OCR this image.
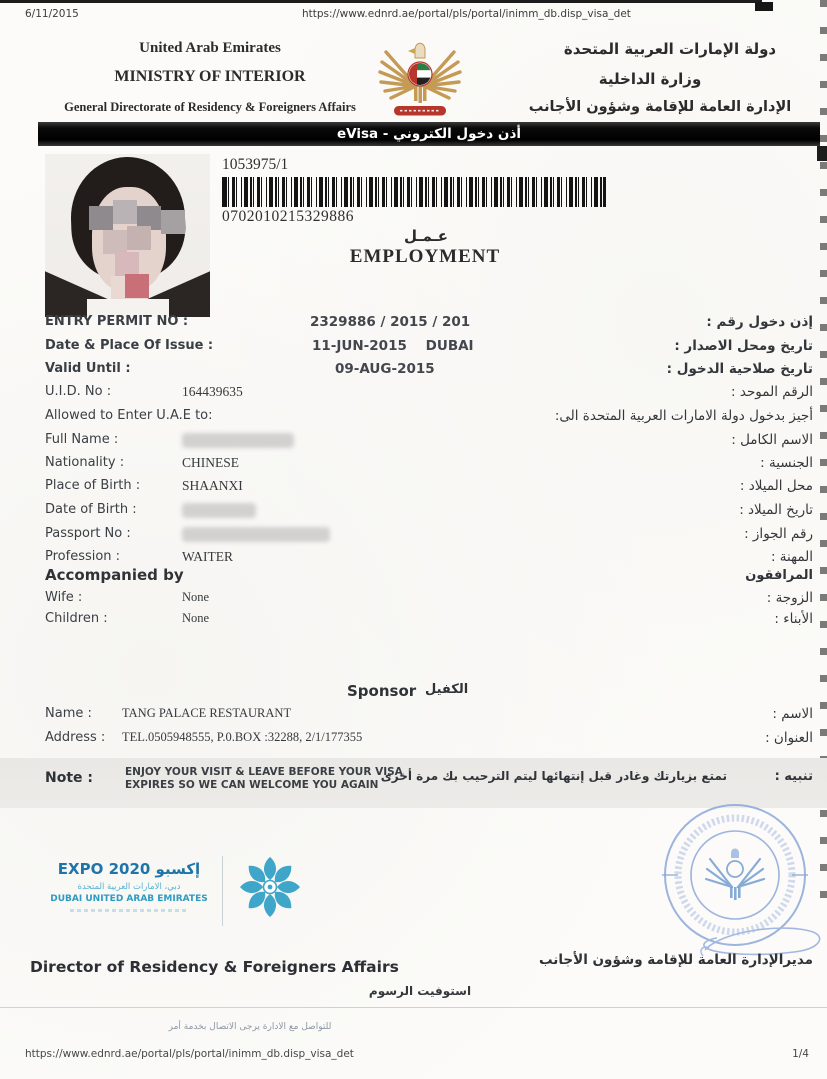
6/11/2015	https://www.ednrd.ae/portal/pls/portal/inimm_db.disp_visa_det
United Arab Emirates
MINISTRY OF INTERIOR
General Directorate of Residency & Foreigners Affairs
دولة الإمارات العربية المتحدة
وزارة الداخلية
الإدارة العامة للإقامة وشؤون الأجانب
eVisa - أذن دخول الكتروني
1053975/1
0702010215329886
عـمـل
EMPLOYMENT
ENTRY PERMIT NO :	2329886 / 2015 / 201	إذن دخول رقم :
Date & Place Of Issue :	11-JUN-2015    DUBAI	تاريخ ومحل الاصدار :
Valid Until :	09-AUG-2015	تاريخ صلاحية الدخول :
U.I.D. No :	164439635	الرقم الموحد :
Allowed to Enter U.A.E to:	أجيز بدخول دولة الامارات العربية المتحدة الى:
Full Name :	الاسم الكامل :
Nationality :	CHINESE	الجنسية :
Place of Birth :	SHAANXI	محل الميلاد :
Date of Birth :	تاريخ الميلاد :
Passport No :	رقم الجواز :
Profession :	WAITER	المهنة :
Accompanied by	المرافقون
Wife :	None	الزوجة :
Children :	None	الأبناء :
Sponsor الكفيل
Name : TANG PALACE RESTAURANT	الاسم :
Address : TEL.0505948555, P.0.BOX :32288, 2/1/177355	العنوان :
Note :	ENJOY YOUR VISIT & LEAVE BEFORE YOUR VISA
EXPIRES SO WE CAN WELCOME YOU AGAIN
تمتع بزيارتك وغادر قبل إنتهائها ليتم الترحيب بك مرة أخرى	تنبيه :
EXPO 2020 إكسبو
دبي، الامارات العربية المتحدة
DUBAI UNITED ARAB EMIRATES
Director of Residency & Foreigners Affairs	مديرالإدارة العامة للإقامة وشؤون الأجانب
استوفيت الرسوم
للتواصل مع الادارة يرجى الاتصال بخدمة أمر
https://www.ednrd.ae/portal/pls/portal/inimm_db.disp_visa_det	1/4
